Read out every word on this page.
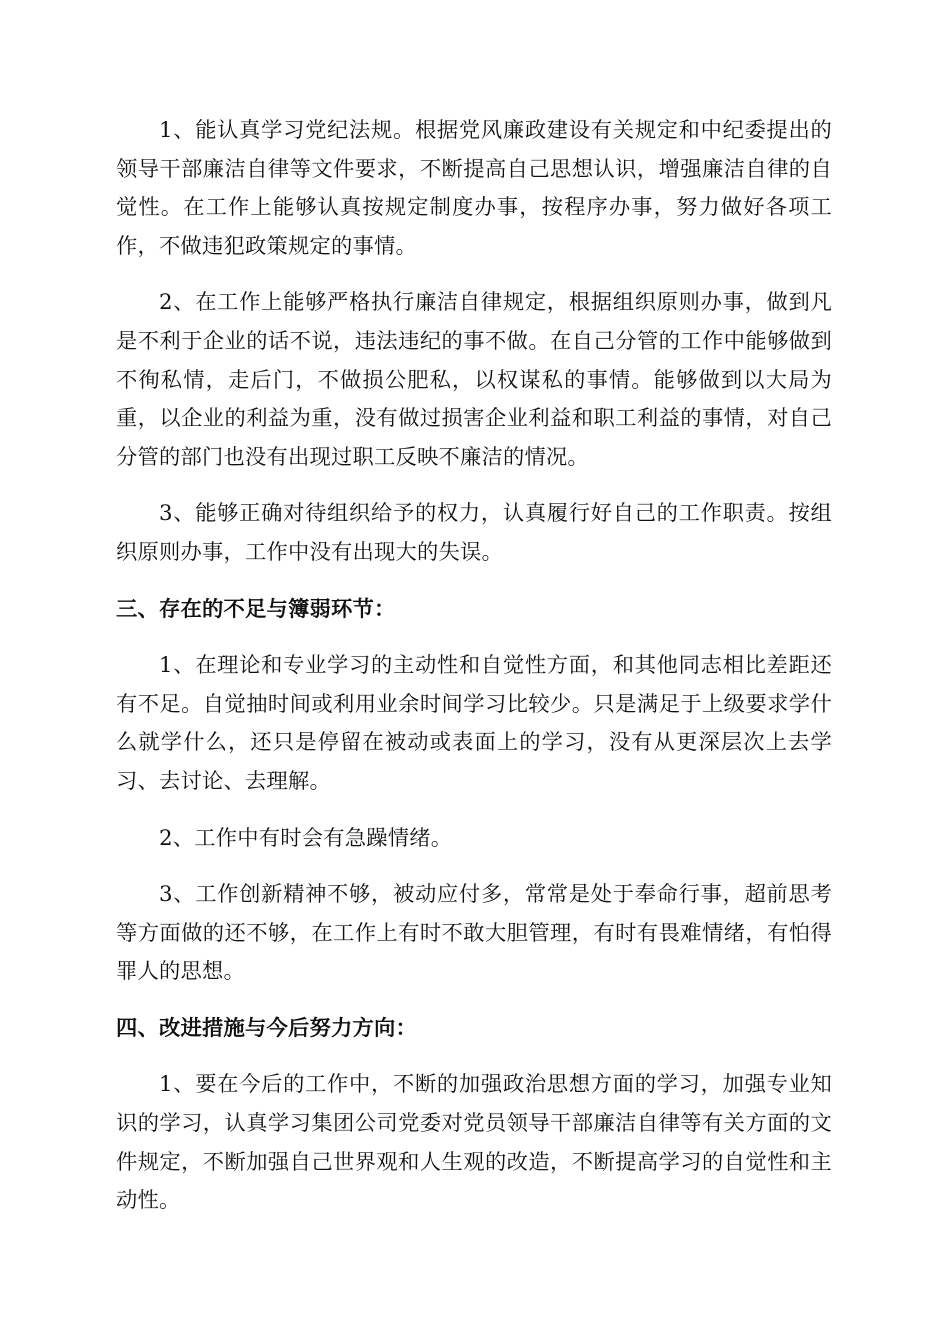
1、能认真学习党纪法规。根据党风廉政建设有关规定和中纪委提出的领导干部廉洁自律等文件要求，不断提高自己思想认识，增强廉洁自律的自觉性。在工作上能够认真按规定制度办事，按程序办事，努力做好各项工作，不做违犯政策规定的事情。

2、在工作上能够严格执行廉洁自律规定，根据组织原则办事，做到凡是不利于企业的话不说，违法违纪的事不做。在自己分管的工作中能够做到不徇私情，走后门，不做损公肥私，以权谋私的事情。能够做到以大局为重，以企业的利益为重，没有做过损害企业利益和职工利益的事情，对自己分管的部门也没有出现过职工反映不廉洁的情况。

3、能够正确对待组织给予的权力，认真履行好自己的工作职责。按组织原则办事，工作中没有出现大的失误。

三、存在的不足与簿弱环节：

1、在理论和专业学习的主动性和自觉性方面，和其他同志相比差距还有不足。自觉抽时间或利用业余时间学习比较少。只是满足于上级要求学什么就学什么，还只是停留在被动或表面上的学习，没有从更深层次上去学习、去讨论、去理解。

2、工作中有时会有急躁情绪。

3、工作创新精神不够，被动应付多，常常是处于奉命行事，超前思考等方面做的还不够，在工作上有时不敢大胆管理，有时有畏难情绪，有怕得罪人的思想。

四、改进措施与今后努力方向：

1、要在今后的工作中，不断的加强政治思想方面的学习，加强专业知识的学习，认真学习集团公司党委对党员领导干部廉洁自律等有关方面的文件规定，不断加强自己世界观和人生观的改造，不断提高学习的自觉性和主动性。
